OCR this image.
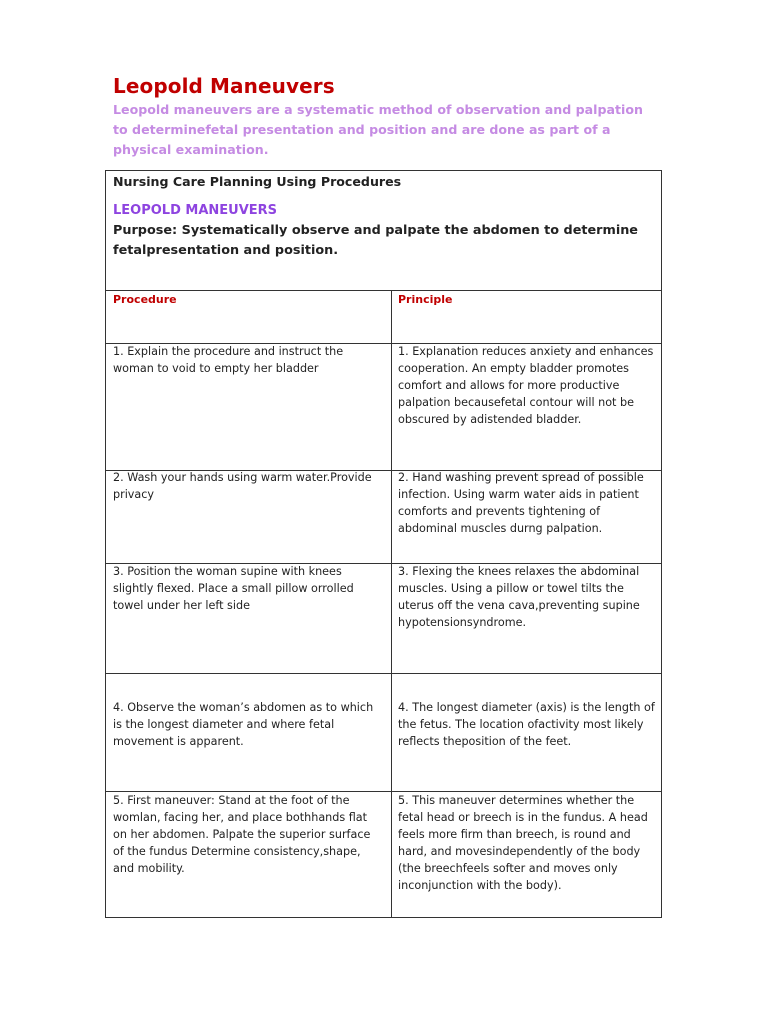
Leopold Maneuvers
Leopold maneuvers are a systematic method of observation and palpation to determinefetal presentation and position and are done as part of a physical examination.
Nursing Care Planning Using Procedures
LEOPOLD MANEUVERS
Purpose: Systematically observe and palpate the abdomen to determine fetalpresentation and position.
Procedure	Principle
1. Explain the procedure and instruct the woman to void to empty her bladder
1. Explanation reduces anxiety and enhances cooperation. An empty bladder promotes comfort and allows for more productive palpation becausefetal contour will not be obscured by adistended bladder.
2. Wash your hands using warm water.Provide privacy
2. Hand washing prevent spread of possible infection. Using warm water aids in patient comforts and prevents tightening of abdominal muscles durng palpation.
3. Position the woman supine with knees slightly flexed. Place a small pillow orrolled towel under her left side
3. Flexing the knees relaxes the abdominal muscles. Using a pillow or towel tilts the uterus off the vena cava,preventing supine hypotensionsyndrome.
4. Observe the woman’s abdomen as to which is the longest diameter and where fetal movement is apparent.
4. The longest diameter (axis) is the length of the fetus. The location ofactivity most likely reflects theposition of the feet.
5. First maneuver: Stand at the foot of the womlan, facing her, and place bothhands flat on her abdomen. Palpate the superior surface of the fundus Determine consistency,shape, and mobility.
5. This maneuver determines whether the fetal head or breech is in the fundus. A head feels more firm than breech, is round and hard, and movesindependently of the body (the breechfeels softer and moves only inconjunction with the body).
